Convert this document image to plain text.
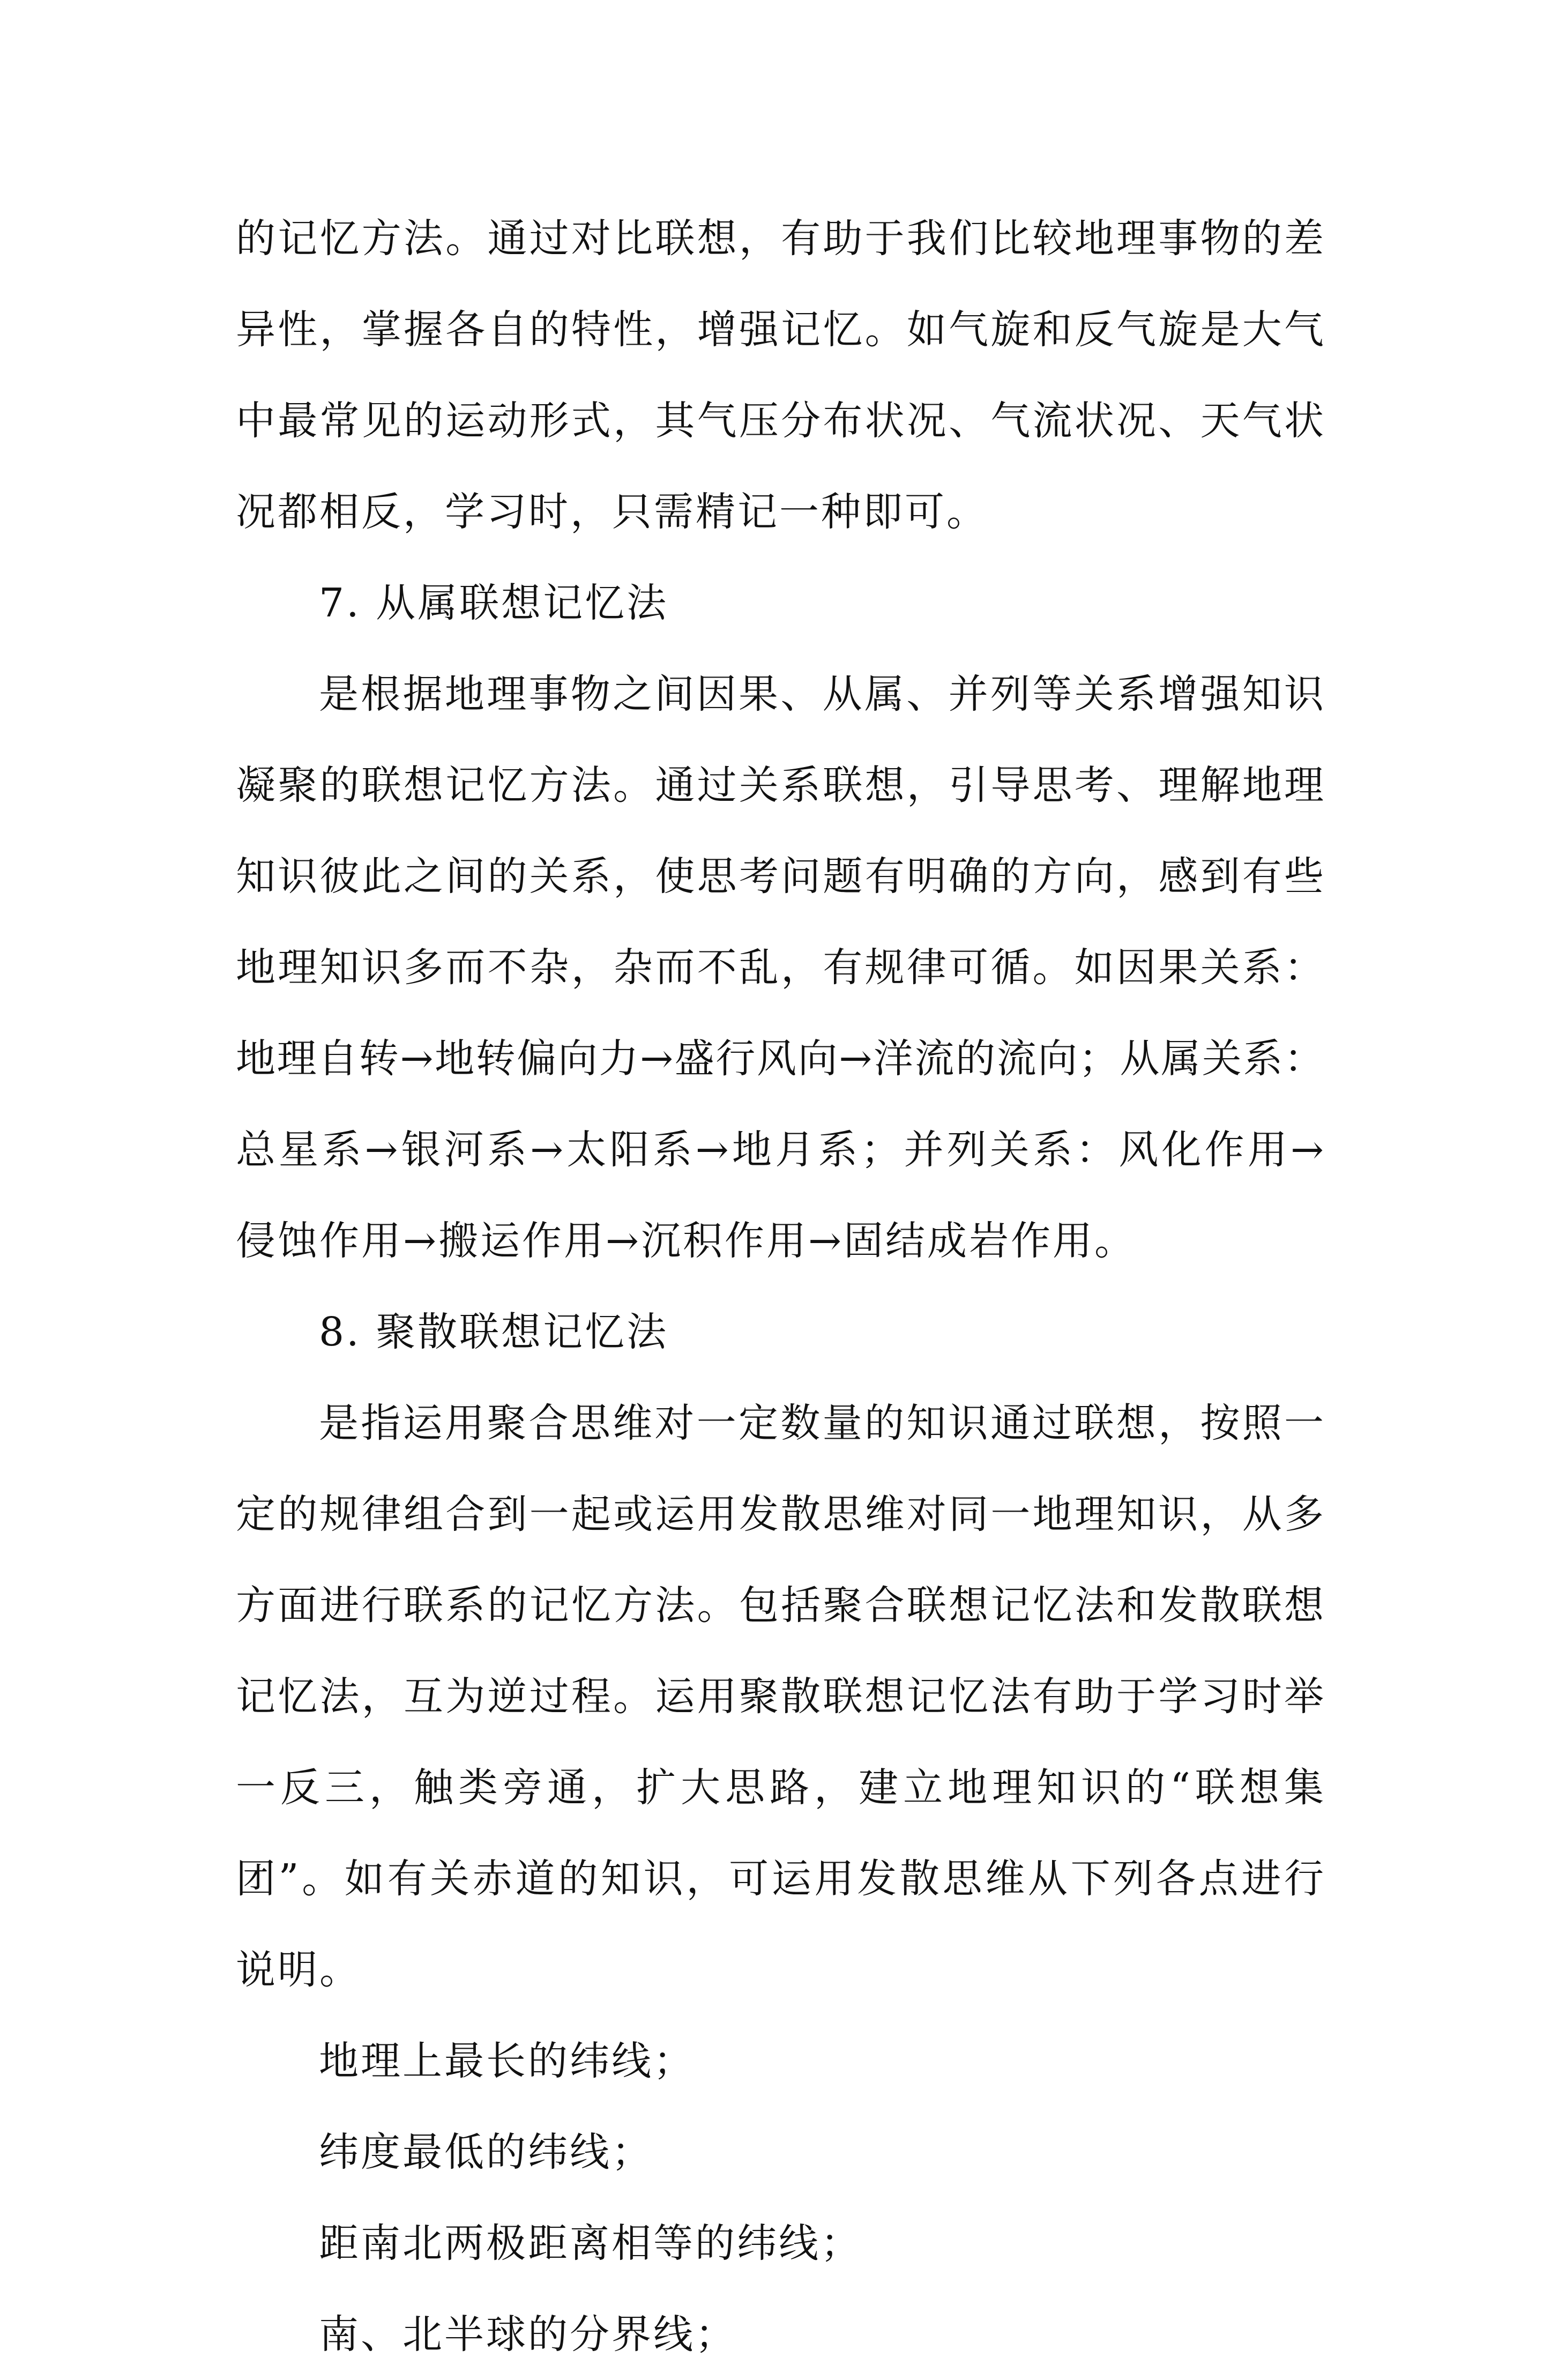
的记忆方法。通过对比联想，有助于我们比较地理事物的差
异性，掌握各自的特性，增强记忆。如气旋和反气旋是大气
中最常见的运动形式，其气压分布状况、气流状况、天气状
况都相反，学习时，只需精记一种即可。
7. 从属联想记忆法
是根据地理事物之间因果、从属、并列等关系增强知识
凝聚的联想记忆方法。通过关系联想，引导思考、理解地理
知识彼此之间的关系，使思考问题有明确的方向，感到有些
地理知识多而不杂，杂而不乱，有规律可循。如因果关系：
地理自转→地转偏向力→盛行风向→洋流的流向；从属关系：
总星系→银河系→太阳系→地月系；并列关系：风化作用→
侵蚀作用→搬运作用→沉积作用→固结成岩作用。
8. 聚散联想记忆法
是指运用聚合思维对一定数量的知识通过联想，按照一
定的规律组合到一起或运用发散思维对同一地理知识，从多
方面进行联系的记忆方法。包括聚合联想记忆法和发散联想
记忆法，互为逆过程。运用聚散联想记忆法有助于学习时举
一反三，触类旁通，扩大思路，建立地理知识的“联想集
团”。如有关赤道的知识，可运用发散思维从下列各点进行
说明。
地理上最长的纬线；
纬度最低的纬线；
距南北两极距离相等的纬线；
南、北半球的分界线；
